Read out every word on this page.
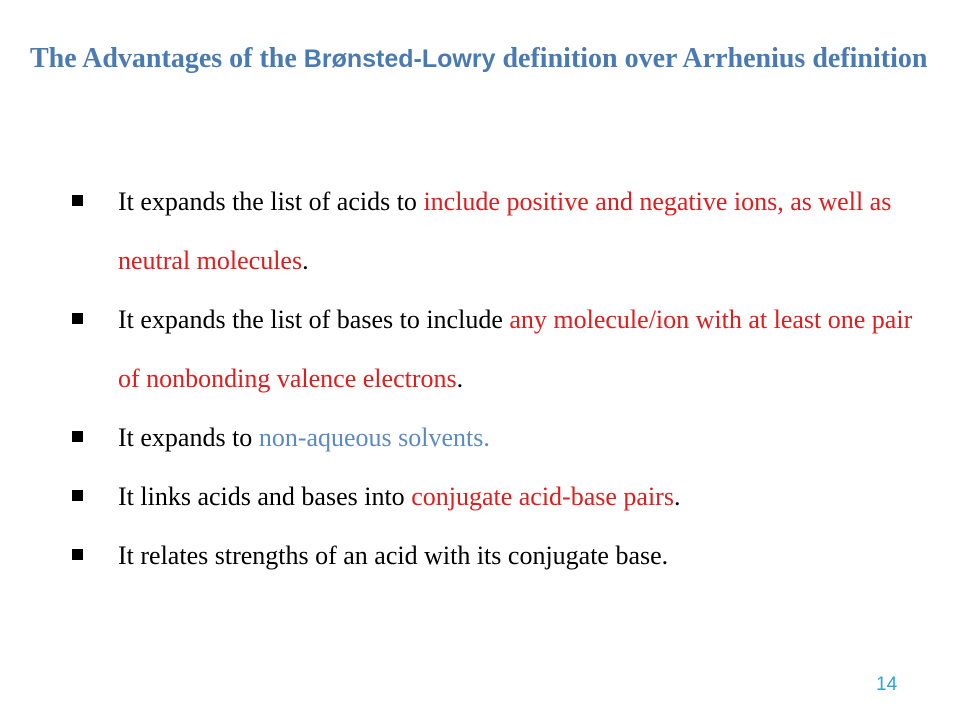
The Advantages of the Brønsted-Lowry definition over Arrhenius definition
It expands the list of acids to include positive and negative ions, as well as neutral molecules.
It expands the list of bases to include any molecule/ion with at least one pair of nonbonding valence electrons.
It expands to non-aqueous solvents.
It links acids and bases into conjugate acid-base pairs.
It relates strengths of an acid with its conjugate base.
14
